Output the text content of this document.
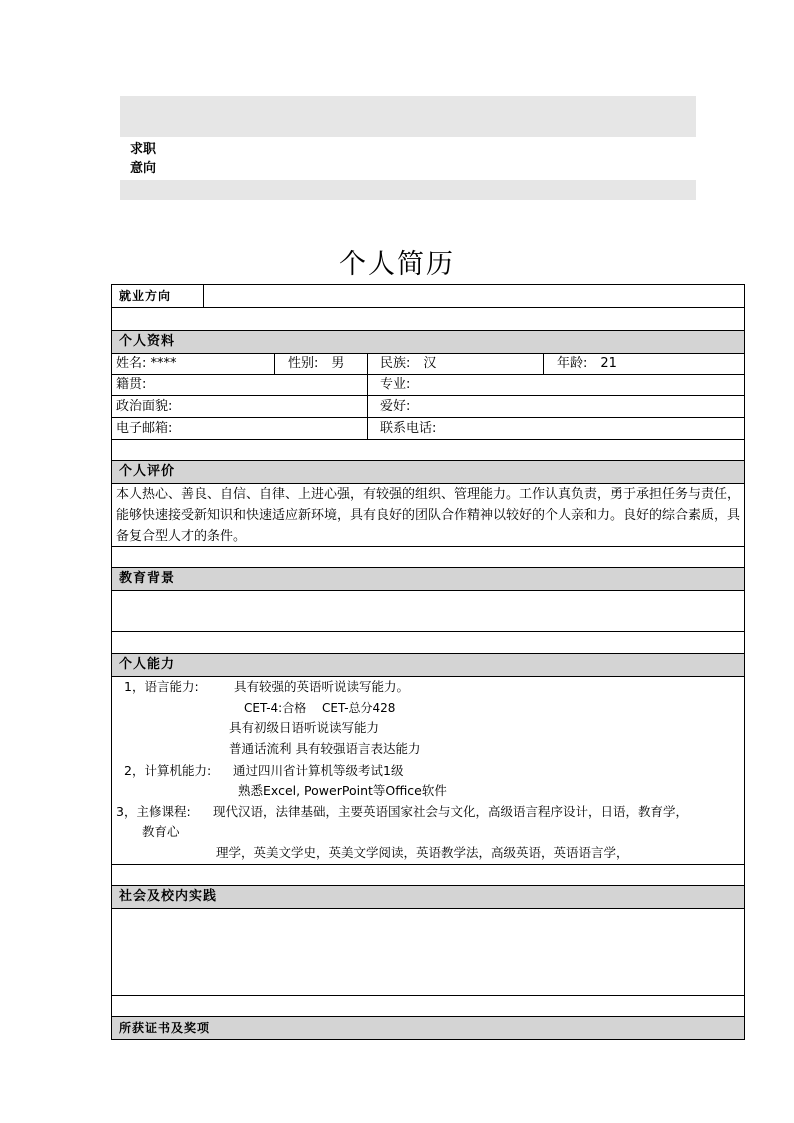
求职
意向
个人简历
就业方向
个人资料
姓名: ****	性别:　男	民族:　汉	年龄:　21
籍贯:	专业:
政治面貌:	爱好:
电子邮箱:	联系电话:
个人评价
本人热心、善良、自信、自律、上进心强，有较强的组织、管理能力。工作认真负责，勇于承担任务与责任，能够快速接受新知识和快速适应新环境，具有良好的团队合作精神以较好的个人亲和力。良好的综合素质，具备复合型人才的条件。
教育背景
个人能力
1，语言能力:	具有较强的英语听说读写能力。
CET-4:合格　 CET-总分428
具有初级日语听说读写能力
普通话流利 具有较强语言表达能力
2，计算机能力: 通过四川省计算机等级考试1级
熟悉Excel, PowerPoint等Office软件
3，主修课程: 现代汉语，法律基础，主要英语国家社会与文化，高级语言程序设计，日语，教育学，
教育心
理学，英美文学史，英美文学阅读，英语教学法，高级英语，英语语言学，
社会及校内实践
所获证书及奖项
